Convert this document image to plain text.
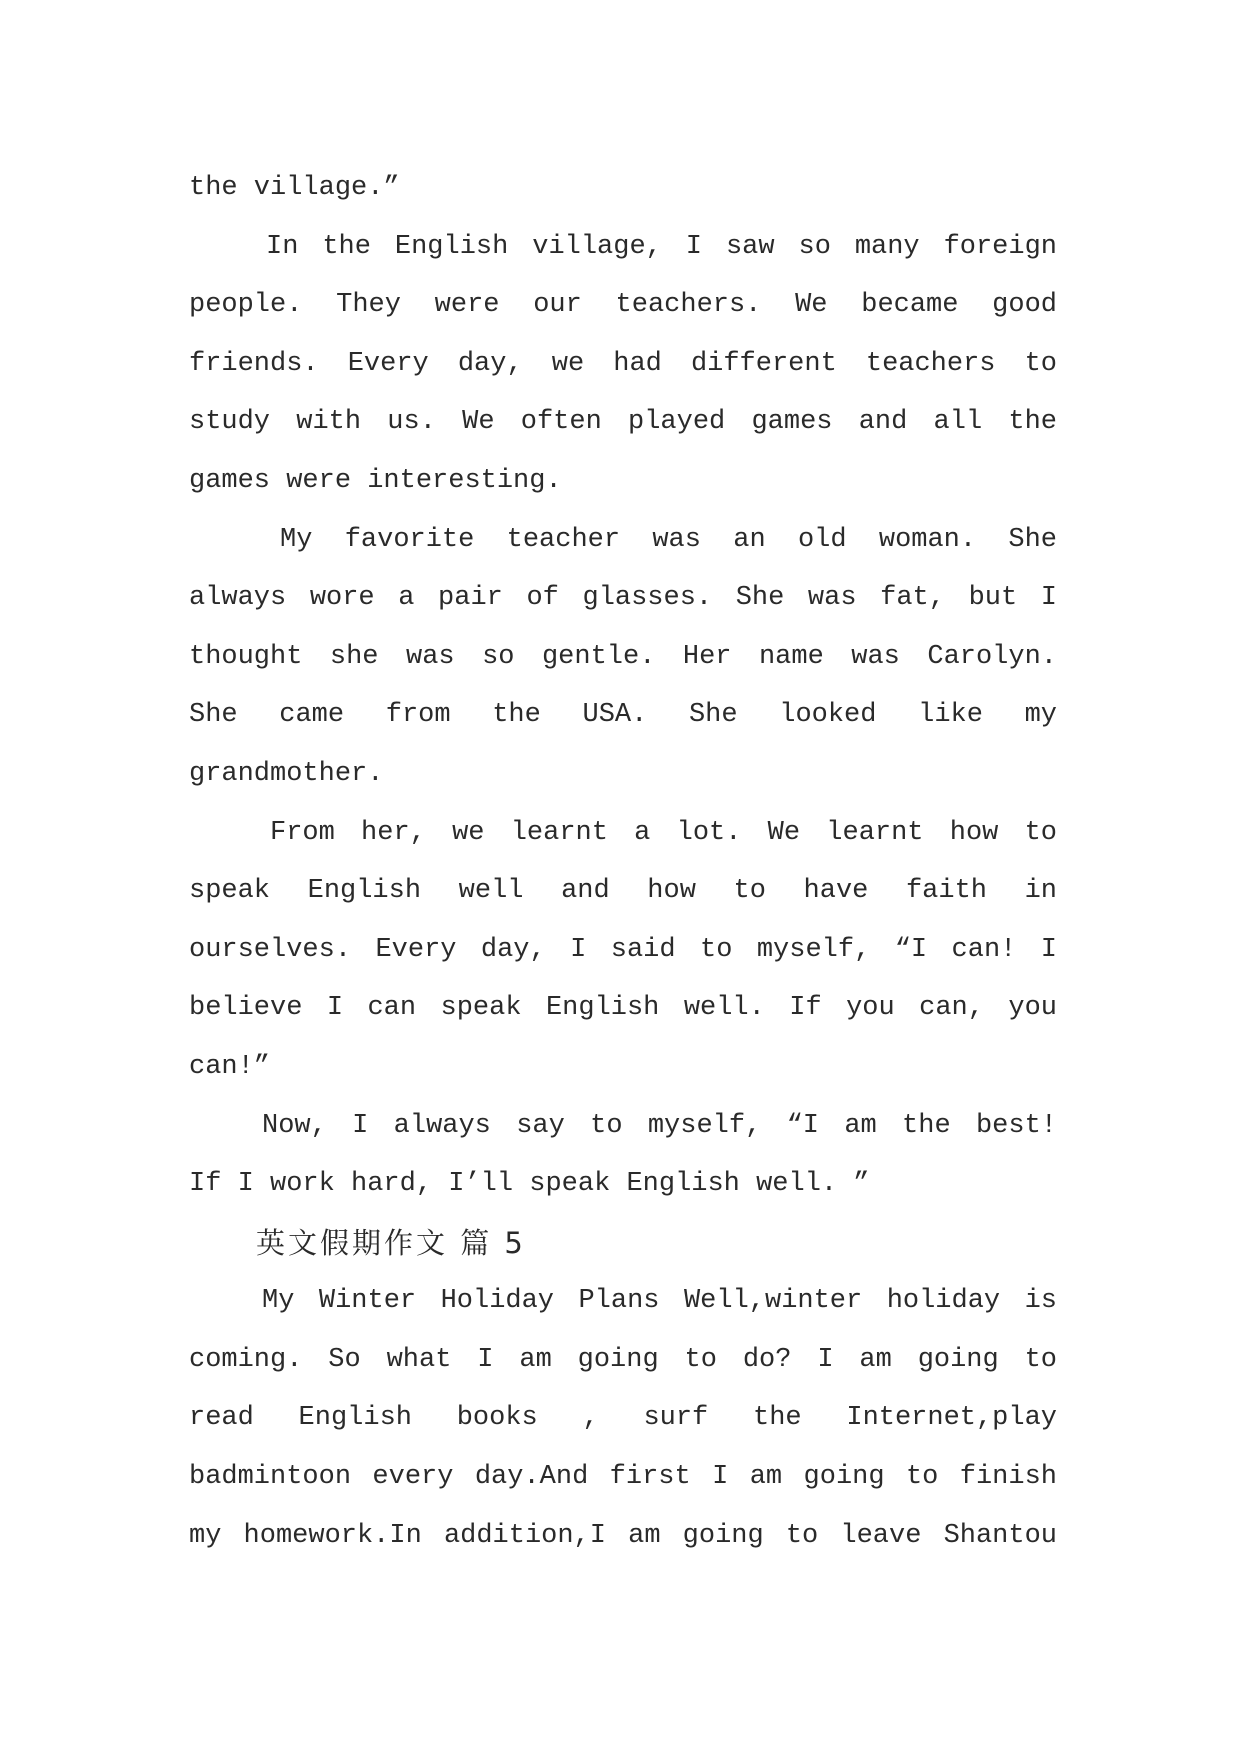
the village.”
In the English village, I saw so many foreign
people. They were our teachers. We became good
friends. Every day, we had different teachers to
study with us. We often played games and all the
games were interesting.
My favorite teacher was an old woman. She
always wore a pair of glasses. She was fat, but I
thought she was so gentle. Her name was Carolyn.
She came from the USA. She looked like my
grandmother.
From her, we learnt a lot. We learnt how to
speak English well and how to have faith in
ourselves. Every day, I said to myself, “I can! I
believe I can speak English well. If you can, you
can!”
Now, I always say to myself, “I am the best!
If I work hard, I’ll speak English well. ”
英文假期作文 篇 5
My Winter Holiday Plans Well,winter holiday is
coming. So what I am going to do? I am going to
read English books , surf the Internet,play
badmintoon every day.And first I am going to finish
my homework.In addition,I am going to leave Shantou
